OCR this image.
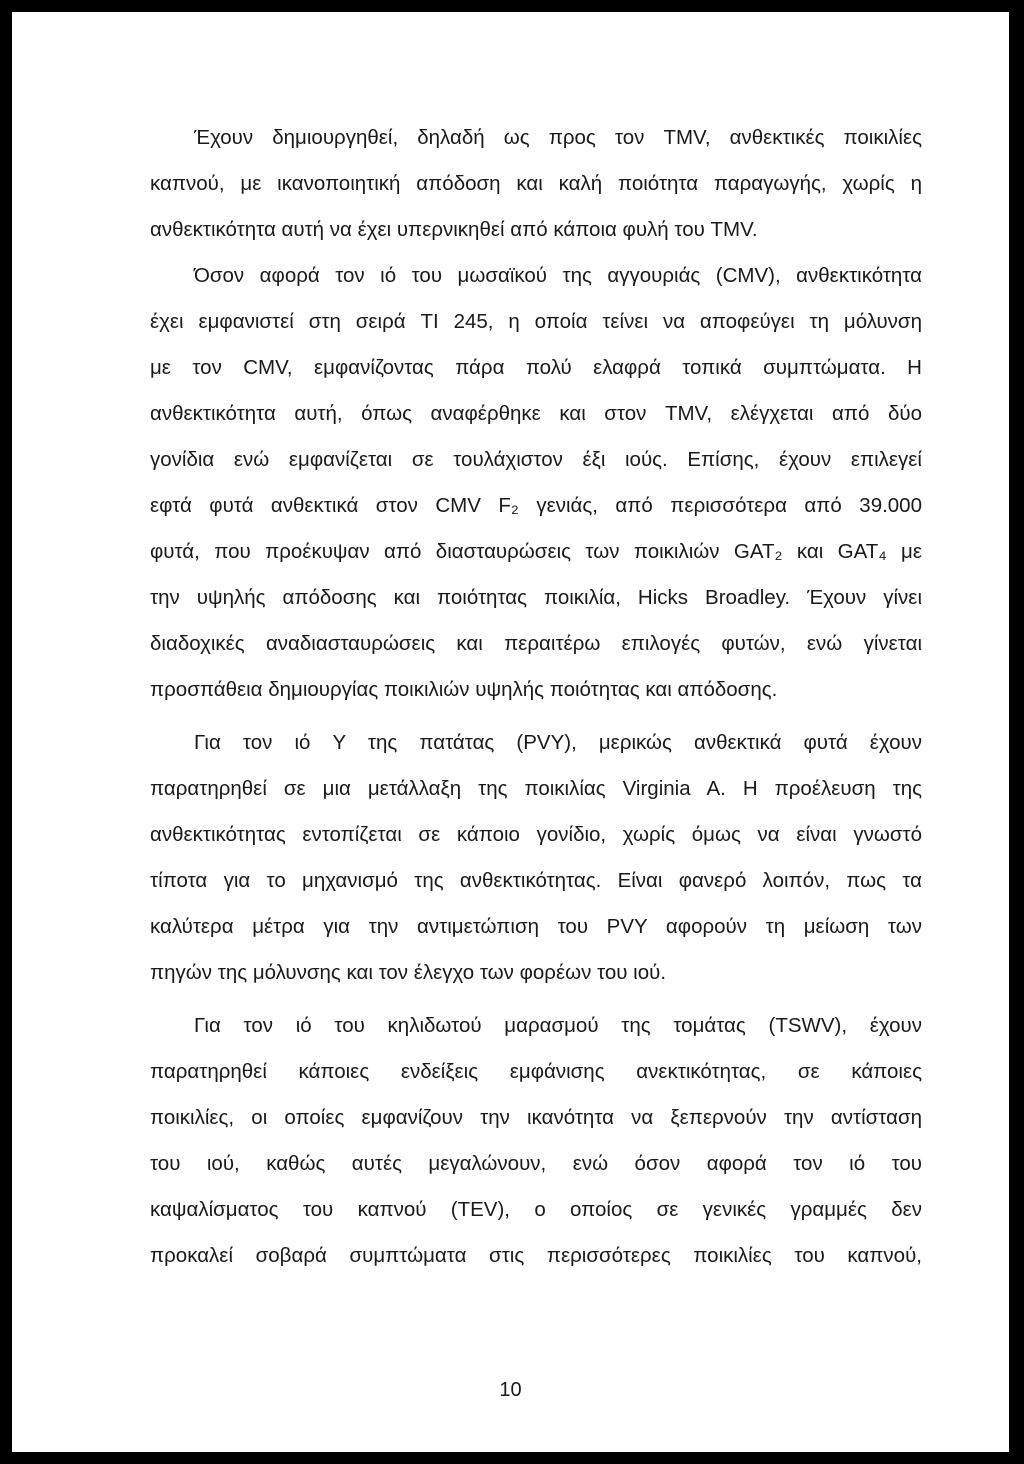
Έχουν δημιουργηθεί, δηλαδή ως προς τον TMV, ανθεκτικές ποικιλίες
καπνού, με ικανοποιητική απόδοση και καλή ποιότητα παραγωγής, χωρίς η
ανθεκτικότητα αυτή να έχει υπερνικηθεί από κάποια φυλή του TMV.
Όσον αφορά τον ιό του μωσαϊκού της αγγουριάς (CMV), ανθεκτικότητα
έχει εμφανιστεί στη σειρά TI 245, η οποία τείνει να αποφεύγει τη μόλυνση
με τον CMV, εμφανίζοντας πάρα πολύ ελαφρά τοπικά συμπτώματα. Η
ανθεκτικότητα αυτή, όπως αναφέρθηκε και στον TMV, ελέγχεται από δύο
γονίδια ενώ εμφανίζεται σε τουλάχιστον έξι ιούς. Επίσης, έχουν επιλεγεί
εφτά φυτά ανθεκτικά στον CMV F₂ γενιάς, από περισσότερα από 39.000
φυτά, που προέκυψαν από διασταυρώσεις των ποικιλιών GAT₂ και GAT₄ με
την υψηλής απόδοσης και ποιότητας ποικιλία, Hicks Broadley. Έχουν γίνει
διαδοχικές αναδιασταυρώσεις και περαιτέρω επιλογές φυτών, ενώ γίνεται
προσπάθεια δημιουργίας ποικιλιών υψηλής ποιότητας και απόδοσης.
Για τον ιό Y της πατάτας (PVY), μερικώς ανθεκτικά φυτά έχουν
παρατηρηθεί σε μια μετάλλαξη της ποικιλίας Virginia A. Η προέλευση της
ανθεκτικότητας εντοπίζεται σε κάποιο γονίδιο, χωρίς όμως να είναι γνωστό
τίποτα για το μηχανισμό της ανθεκτικότητας. Είναι φανερό λοιπόν, πως τα
καλύτερα μέτρα για την αντιμετώπιση του PVY αφορούν τη μείωση των
πηγών της μόλυνσης και τον έλεγχο των φορέων του ιού.
Για τον ιό του κηλιδωτού μαρασμού της τομάτας (TSWV), έχουν
παρατηρηθεί κάποιες ενδείξεις εμφάνισης ανεκτικότητας, σε κάποιες
ποικιλίες, οι οποίες εμφανίζουν την ικανότητα να ξεπερνούν την αντίσταση
του ιού, καθώς αυτές μεγαλώνουν, ενώ όσον αφορά τον ιό του
καψαλίσματος του καπνού (TEV), ο οποίος σε γενικές γραμμές δεν
προκαλεί σοβαρά συμπτώματα στις περισσότερες ποικιλίες του καπνού,
10
